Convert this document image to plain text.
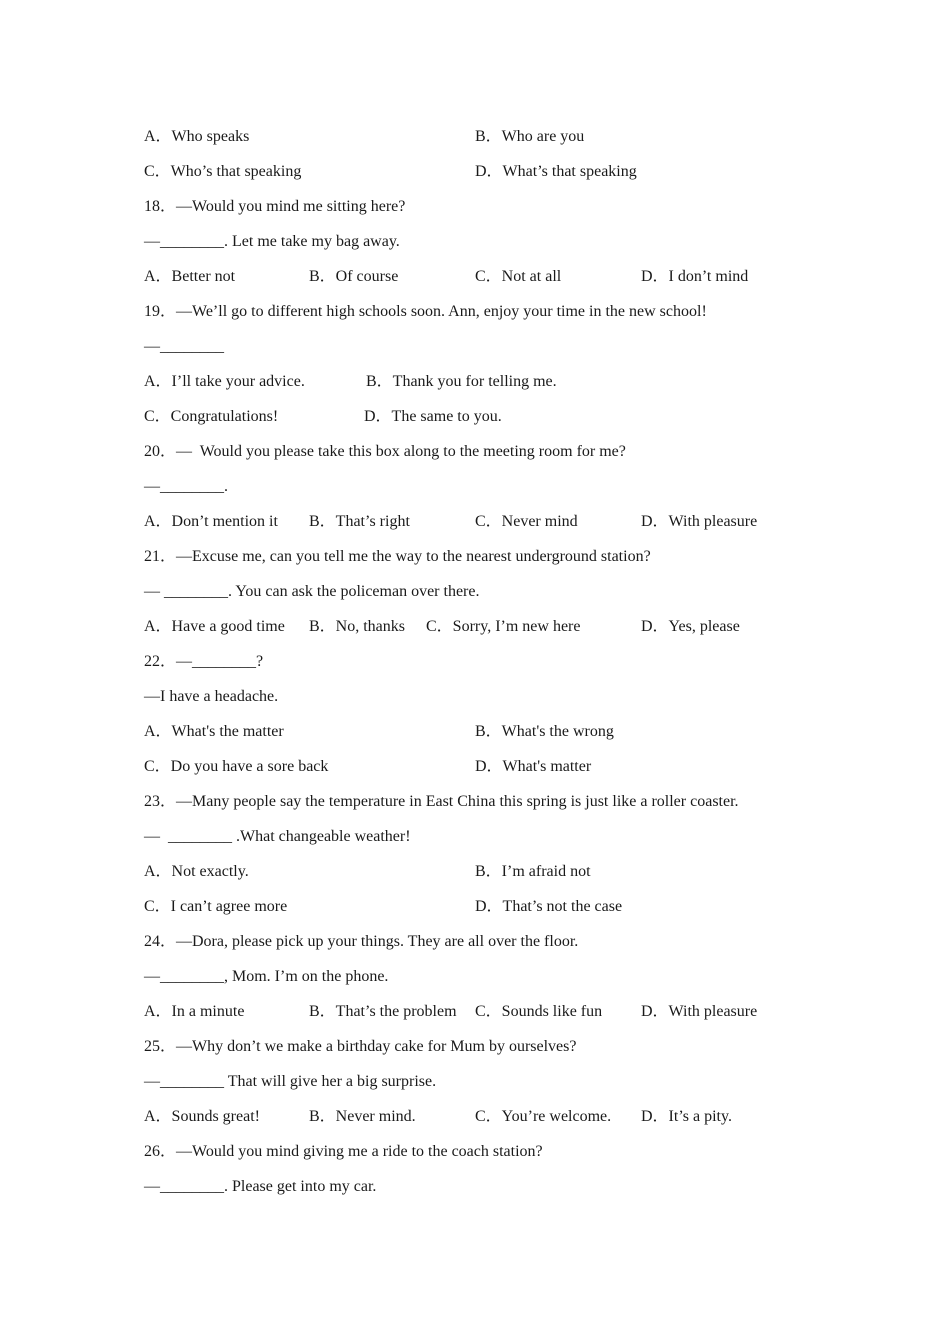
A．Who speaks	B．Who are you
C．Who’s that speaking	D．What’s that speaking
18．—Would you mind me sitting here?
—________. Let me take my bag away.
A．Better not	B．Of course	C．Not at all	D．I don’t mind
19．—We’ll go to different high schools soon. Ann, enjoy your time in the new school!
—________
A．I’ll take your advice.	B．Thank you for telling me.
C．Congratulations!	D．The same to you.
20．—  Would you please take this box along to the meeting room for me?
—________.
A．Don’t mention it B．That’s right	C．Never mind	D．With pleasure
21．—Excuse me, can you tell me the way to the nearest underground station?
— ________. You can ask the policeman over there.
A．Have a good time B．No, thanks C．Sorry, I’m new here	D．Yes, please
22．—________?
—I have a headache.
A．What's the matter	B．What's the wrong
C．Do you have a sore back	D．What's matter
23．—Many people say the temperature in East China this spring is just like a roller coaster.
—  ________ .What changeable weather!
A．Not exactly.	B．I’m afraid not
C．I can’t agree more	D．That’s not the case
24．—Dora, please pick up your things. They are all over the floor.
—________, Mom. I’m on the phone.
A．In a minute	B．That’s the problem C．Sounds like fun D．With pleasure
25．—Why don’t we make a birthday cake for Mum by ourselves?
—________ That will give her a big surprise.
A．Sounds great!	B．Never mind.	C．You’re welcome. D．It’s a pity.
26．—Would you mind giving me a ride to the coach station?
—________. Please get into my car.
